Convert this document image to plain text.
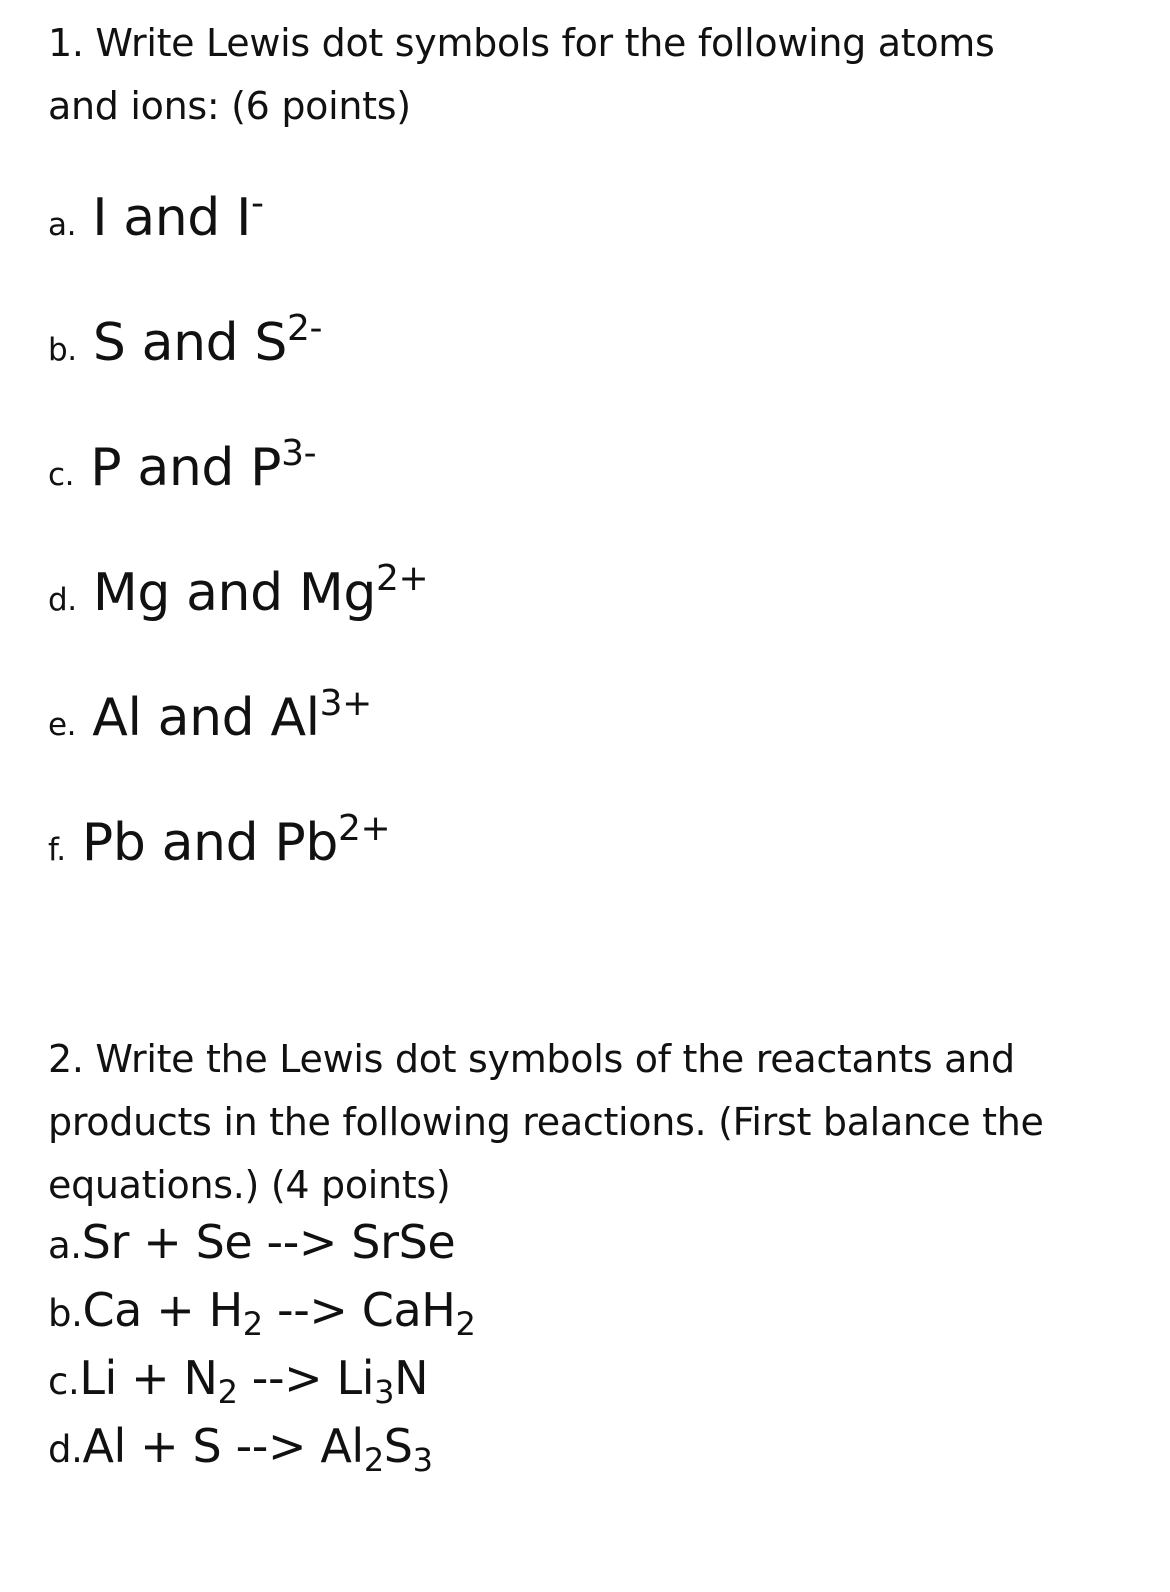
1. Write Lewis dot symbols for the following atoms and ions: (6 points)
a. I and I-
b. S and $S^{2-}$
c. P and $P^{3-}$
d. Mg and $Mg^{2+}$
e. Al and $Al^{3+}$
f. Pb and $Pb^{2+}$
2. Write the Lewis dot symbols of the reactants and products in the following reactions. (First balance the equations.) (4 points)
a.Sr + Se --> SrSe
b.Ca + H2 --> CaH2
c.Li + N2 --> Li3N
d.Al + S --> Al2S3
